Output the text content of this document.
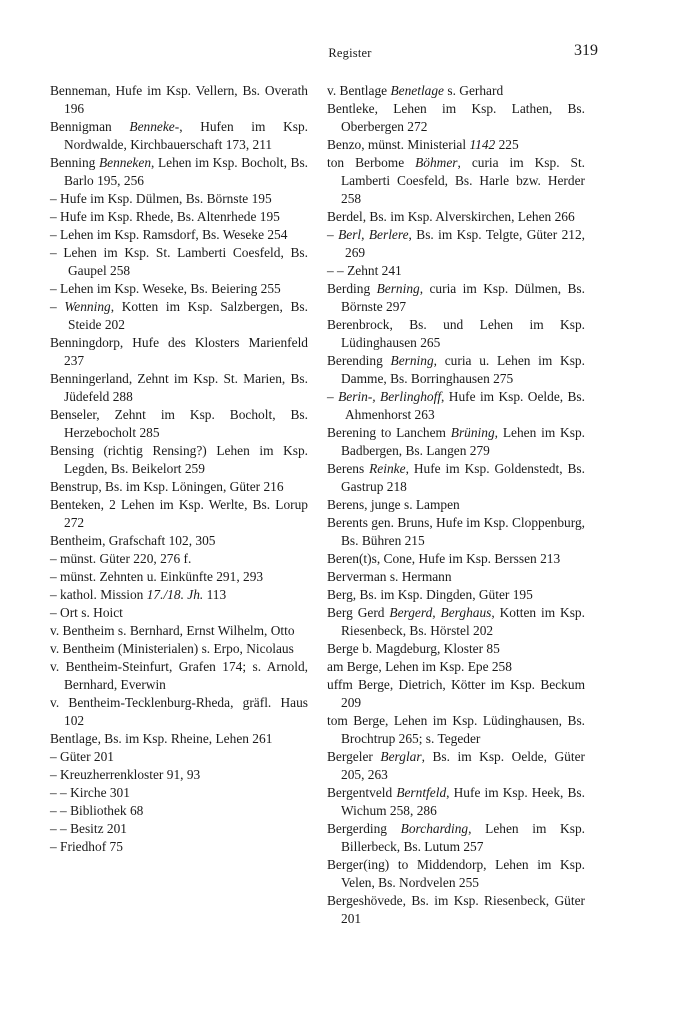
Register	319
Benneman, Hufe im Ksp. Vellern, Bs. Overath 196
Bennigman Benneke-, Hufen im Ksp. Nordwalde, Kirchbauerschaft 173, 211
Benning Benneken, Lehen im Ksp. Bocholt, Bs. Barlo 195, 256
– Hufe im Ksp. Dülmen, Bs. Börnste 195
– Hufe im Ksp. Rhede, Bs. Altenrhede 195
– Lehen im Ksp. Ramsdorf, Bs. Weseke 254
– Lehen im Ksp. St. Lamberti Coesfeld, Bs. Gaupel 258
– Lehen im Ksp. Weseke, Bs. Beiering 255
– Wenning, Kotten im Ksp. Salzbergen, Bs. Steide 202
Benningdorp, Hufe des Klosters Marienfeld 237
Benningerland, Zehnt im Ksp. St. Marien, Bs. Jüdefeld 288
Benseler, Zehnt im Ksp. Bocholt, Bs. Herzebocholt 285
Bensing (richtig Rensing?) Lehen im Ksp. Legden, Bs. Beikelort 259
Benstrup, Bs. im Ksp. Löningen, Güter 216
Benteken, 2 Lehen im Ksp. Werlte, Bs. Lorup 272
Bentheim, Grafschaft 102, 305
– münst. Güter 220, 276 f.
– münst. Zehnten u. Einkünfte 291, 293
– kathol. Mission 17./18. Jh. 113
– Ort s. Hoict
v. Bentheim s. Bernhard, Ernst Wilhelm, Otto
v. Bentheim (Ministerialen) s. Erpo, Nicolaus
v. Bentheim-Steinfurt, Grafen 174; s. Arnold, Bernhard, Everwin
v. Bentheim-Tecklenburg-Rheda, gräfl. Haus 102
Bentlage, Bs. im Ksp. Rheine, Lehen 261
– Güter 201
– Kreuzherrenkloster 91, 93
– – Kirche 301
– – Bibliothek 68
– – Besitz 201
– Friedhof 75
v. Bentlage Benetlage s. Gerhard
Bentleke, Lehen im Ksp. Lathen, Bs. Oberbergen 272
Benzo, münst. Ministerial 1142 225
ton Berbome Böhmer, curia im Ksp. St. Lamberti Coesfeld, Bs. Harle bzw. Herder 258
Berdel, Bs. im Ksp. Alverskirchen, Lehen 266
– Berl, Berlere, Bs. im Ksp. Telgte, Güter 212, 269
– – Zehnt 241
Berding Berning, curia im Ksp. Dülmen, Bs. Börnste 297
Berenbrock, Bs. und Lehen im Ksp. Lüdinghausen 265
Berending Berning, curia u. Lehen im Ksp. Damme, Bs. Borringhausen 275
– Berin-, Berlinghoff, Hufe im Ksp. Oelde, Bs. Ahmenhorst 263
Berening to Lanchem Brüning, Lehen im Ksp. Badbergen, Bs. Langen 279
Berens Reinke, Hufe im Ksp. Goldenstedt, Bs. Gastrup 218
Berens, junge s. Lampen
Berents gen. Bruns, Hufe im Ksp. Cloppenburg, Bs. Bühren 215
Beren(t)s, Cone, Hufe im Ksp. Berssen 213
Berverman s. Hermann
Berg, Bs. im Ksp. Dingden, Güter 195
Berg Gerd Bergerd, Berghaus, Kotten im Ksp. Riesenbeck, Bs. Hörstel 202
Berge b. Magdeburg, Kloster 85
am Berge, Lehen im Ksp. Epe 258
uffm Berge, Dietrich, Kötter im Ksp. Beckum 209
tom Berge, Lehen im Ksp. Lüdinghausen, Bs. Brochtrup 265; s. Tegeder
Bergeler Berglar, Bs. im Ksp. Oelde, Güter 205, 263
Bergentveld Berntfeld, Hufe im Ksp. Heek, Bs. Wichum 258, 286
Bergerding Borcharding, Lehen im Ksp. Billerbeck, Bs. Lutum 257
Berger(ing) to Middendorp, Lehen im Ksp. Velen, Bs. Nordvelen 255
Bergeshövede, Bs. im Ksp. Riesenbeck, Güter 201
